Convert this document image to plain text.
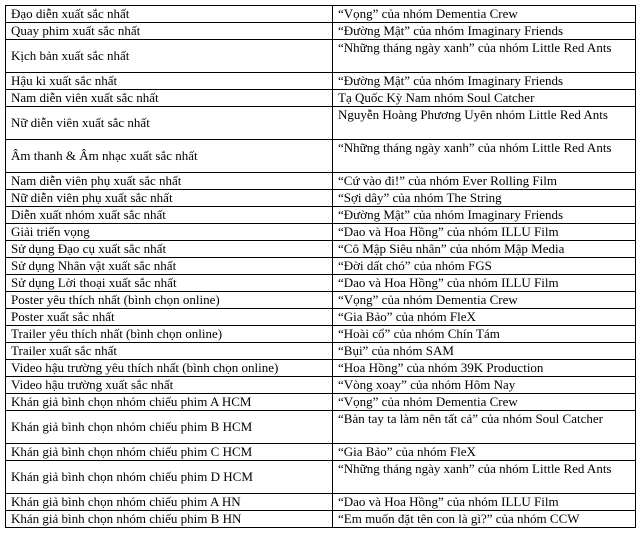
Đạo diễn xuất sắc nhất	“Vọng” của nhóm Dementia Crew
Quay phim xuất sắc nhất	“Đường Mật” của nhóm Imaginary Friends
Kịch bản xuất sắc nhất	“Những tháng ngày xanh” của nhóm Little Red Ants
Hậu kì xuất sắc nhất	“Đường Mật” của nhóm Imaginary Friends
Nam diễn viên xuất sắc nhất	Tạ Quốc Kỳ Nam nhóm Soul Catcher
Nữ diễn viên xuất sắc nhất	Nguyễn Hoàng Phương Uyên nhóm Little Red Ants
Âm thanh & Âm nhạc xuất sắc nhất	“Những tháng ngày xanh” của nhóm Little Red Ants
Nam diễn viên phụ xuất sắc nhất	“Cứ vào đi!” của nhóm Ever Rolling Film
Nữ diễn viên phụ xuất sắc nhất	“Sợi dây” của nhóm The String
Diễn xuất nhóm xuất sắc nhất	“Đường Mật” của nhóm Imaginary Friends
Giải triển vọng	“Dao và Hoa Hồng” của nhóm ILLU Film
Sử dụng Đạo cụ xuất sắc nhất	“Cô Mập Siêu nhân” của nhóm Mập Media
Sử dụng Nhân vật xuất sắc nhất	“Đời dất chó” của nhóm FGS
Sử dụng Lời thoại xuất sắc nhất	“Dao và Hoa Hồng” của nhóm ILLU Film
Poster yêu thích nhất (bình chọn online)	“Vọng” của nhóm Dementia Crew
Poster xuất sắc nhất	“Gia Bảo” của nhóm FleX
Trailer yêu thích nhất (bình chọn online)	“Hoài cổ” của nhóm Chín Tám
Trailer xuất sắc nhất	“Bụi” của nhóm SAM
Video hậu trường yêu thích nhất (bình chọn online)	“Hoa Hồng” của nhóm 39K Production
Video hậu trường xuất sắc nhất	“Vòng xoay” của nhóm Hôm Nay
Khán giả bình chọn nhóm chiếu phim A HCM	“Vọng” của nhóm Dementia Crew
Khán giả bình chọn nhóm chiếu phim B HCM	“Bàn tay ta làm nên tất cả” của nhóm Soul Catcher
Khán giả bình chọn nhóm chiếu phim C HCM	“Gia Bảo” của nhóm FleX
Khán giả bình chọn nhóm chiếu phim D HCM	“Những tháng ngày xanh” của nhóm Little Red Ants
Khán giả bình chọn nhóm chiếu phim A HN	“Dao và Hoa Hồng” của nhóm ILLU Film
Khán giả bình chọn nhóm chiếu phim B HN	“Em muốn đặt tên con là gì?” của nhóm CCW
